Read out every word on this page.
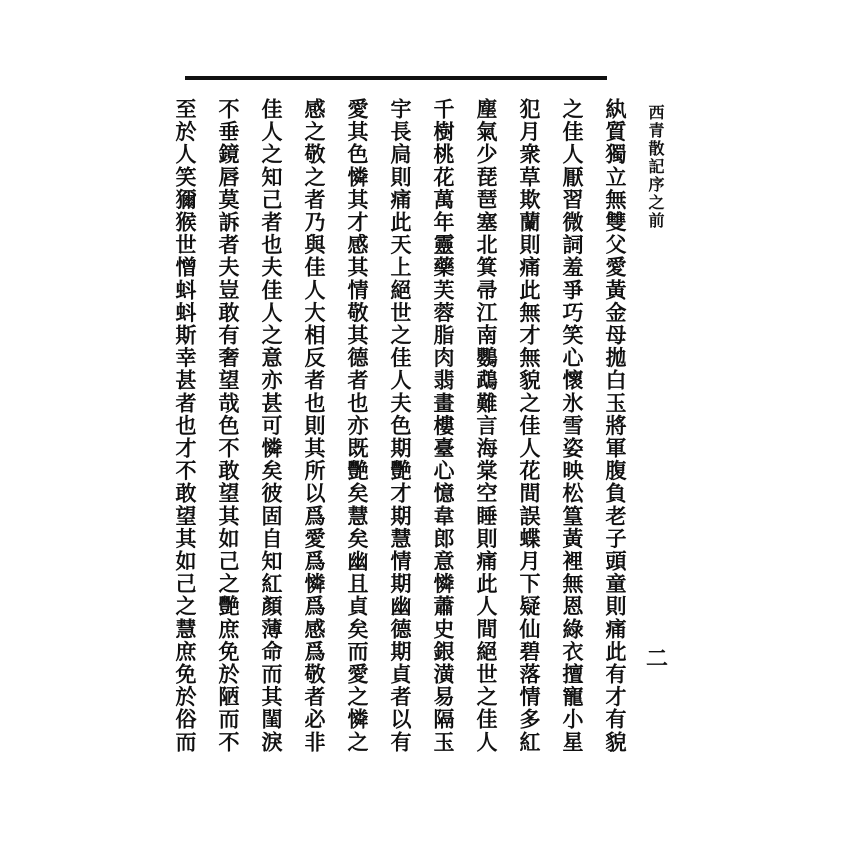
西青散記序之前
二
紈質獨立無雙父愛黃金母拋白玉將軍腹負老子頭童則痛此有才有貌
之佳人厭習微詞羞爭巧笑心懷氷雪姿映松篁黃裡無恩綠衣擅寵小星
犯月衆草欺蘭則痛此無才無貌之佳人花間誤蝶月下疑仙碧落情多紅
塵氣少琵琶塞北箕帚江南鸚鵡難言海棠空睡則痛此人間絕世之佳人
千樹桃花萬年靈藥芙蓉脂肉翡畫樓臺心憶韋郎意憐蕭史銀潢易隔玉
宇長扃則痛此天上絕世之佳人夫色期艷才期慧情期幽德期貞者以有
愛其色憐其才感其情敬其德者也亦既艷矣慧矣幽且貞矣而愛之憐之
感之敬之者乃與佳人大相反者也則其所以爲愛爲憐爲感爲敬者必非
佳人之知己者也夫佳人之意亦甚可憐矣彼固自知紅顏薄命而其閨淚
不垂鏡唇莫訴者夫豈敢有奢望哉色不敢望其如己之艷庶免於陋而不
至於人笑獮猴世憎蚪蚪斯幸甚者也才不敢望其如己之慧庶免於俗而
